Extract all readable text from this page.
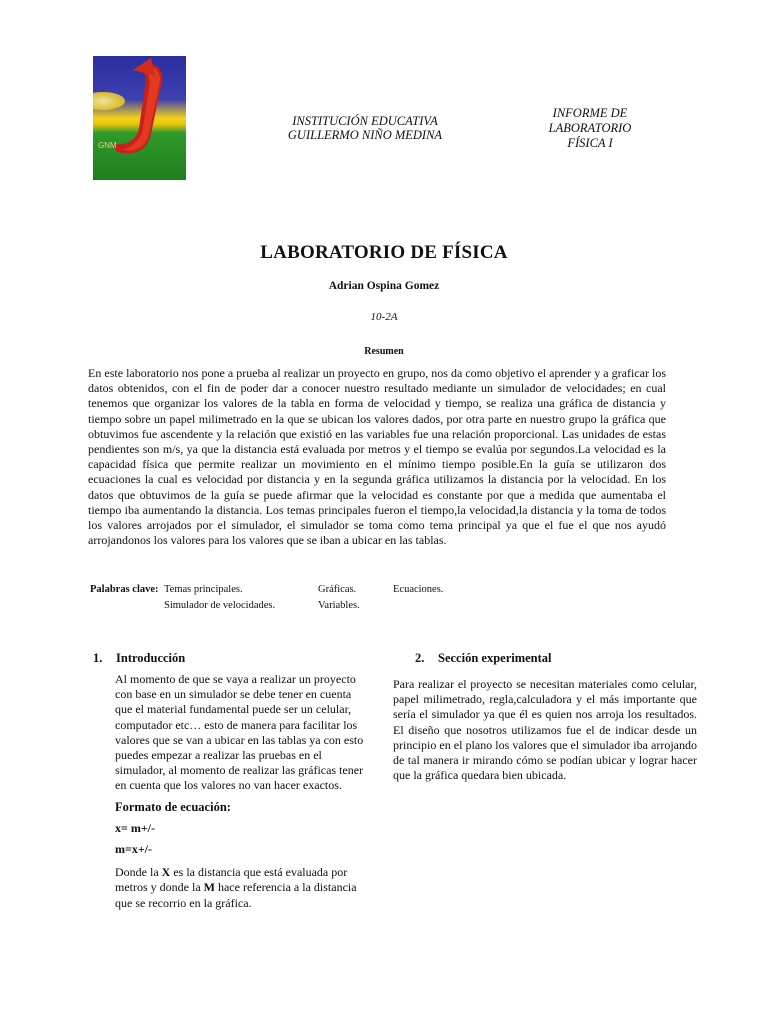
GNM
INSTITUCIÓN EDUCATIVA
GUILLERMO NIÑO MEDINA
INFORME DE
LABORATORIO
FÍSICA I
LABORATORIO DE FÍSICA
Adrian Ospina Gomez
10-2A
Resumen
En este laboratorio nos pone a prueba al realizar un proyecto en grupo, nos da como objetivo el aprender y a graficar los datos obtenidos, con el fin de poder dar a conocer nuestro resultado mediante un simulador de velocidades; en cual tenemos que organizar los valores de la tabla en forma de velocidad y tiempo, se realiza una gráfica de distancia y tiempo sobre un papel milimetrado en la que se ubican los valores dados, por otra parte en nuestro grupo la gráfica que obtuvimos fue ascendente y la relación que existió en las variables fue una relación proporcional. Las unidades de estas pendientes son m/s, ya que la distancia está evaluada por metros y el tiempo se evalúa por segundos.La velocidad es la capacidad física que permite realizar un movimiento en el mínimo tiempo posible.En la guía se utilizaron dos ecuaciones la cual es velocidad por distancia y en la segunda gráfica utilizamos la distancia por la velocidad. En los datos que obtuvimos de la guía se puede afirmar que la velocidad es constante por que a medida que aumentaba el tiempo iba aumentando la distancia. Los temas principales fueron el tiempo,la velocidad,la distancia y la toma de todos los valores arrojados por el simulador, el simulador se toma como tema principal ya que el fue el que nos ayudó arrojandonos los valores para los valores que se iban a ubicar en las tablas.
Palabras clave: Temas principales.
Simulador de velocidades.
Gráficas.
Variables.
Ecuaciones.
1. Introducción

Al momento de que se vaya a realizar un proyecto con base en un simulador se debe tener en cuenta que el material fundamental puede ser un celular, computador etc… esto de manera para facilitar los valores que se van a ubicar en las tablas ya con esto puedes empezar a realizar las pruebas en el simulador, al momento de realizar las gráficas tener en cuenta que los valores no van hacer exactos.

Formato de ecuación:

x= m+/-

m=x+/-

Donde la X es la distancia que está evaluada por metros y donde la M hace referencia a la distancia que se recorrio en la gráfica.

2. Sección experimental
Para realizar el proyecto se necesitan materiales como celular, papel milimetrado, regla,calculadora y el más importante que sería el simulador ya que él es quien nos arroja los resultados. El diseño que nosotros utilizamos fue el de indicar desde un principio en el plano los valores que el simulador iba arrojando de tal manera ir mirando cómo se podían ubicar y lograr hacer que la gráfica quedara bien ubicada.
